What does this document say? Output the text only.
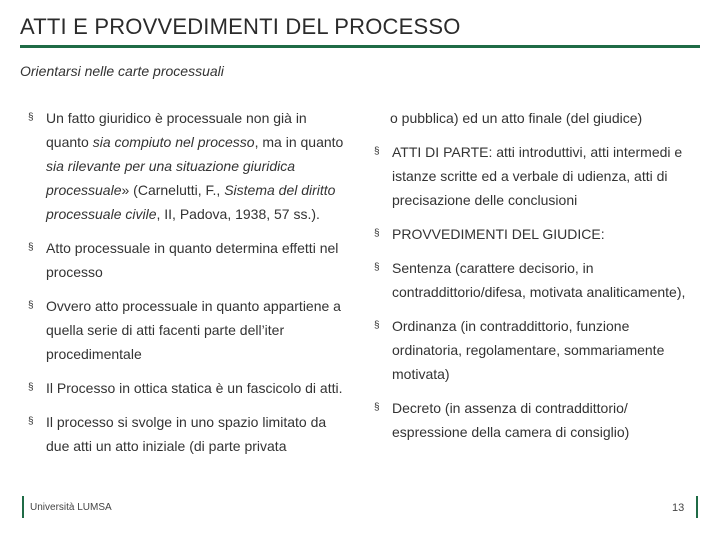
ATTI E PROVVEDIMENTI DEL PROCESSO
Orientarsi nelle carte processuali
§ Un fatto giuridico è processuale non già in quanto sia compiuto nel processo, ma in quanto sia rilevante per una situazione giuridica processuale» (Carnelutti, F., Sistema del diritto processuale civile, II, Padova, 1938, 57 ss.).
§ Atto processuale in quanto determina effetti nel processo
§ Ovvero atto processuale in quanto appartiene a quella serie di atti facenti parte dell’iter procedimentale
§ Il Processo in ottica statica è un fascicolo di atti.
§ Il processo si svolge in uno spazio limitato da due atti un atto iniziale (di parte privata
o pubblica) ed un atto finale (del giudice)
§ ATTI DI PARTE: atti introduttivi, atti intermedi e istanze scritte ed a verbale di udienza, atti di precisazione delle conclusioni
§ PROVVEDIMENTI DEL GIUDICE:
§ Sentenza (carattere decisorio, in contraddittorio/difesa, motivata analiticamente),
§ Ordinanza (in contraddittorio, funzione ordinatoria, regolamentare, sommariamente motivata)
§ Decreto (in assenza di contraddittorio/ espressione della camera di consiglio)
Università LUMSA	13
